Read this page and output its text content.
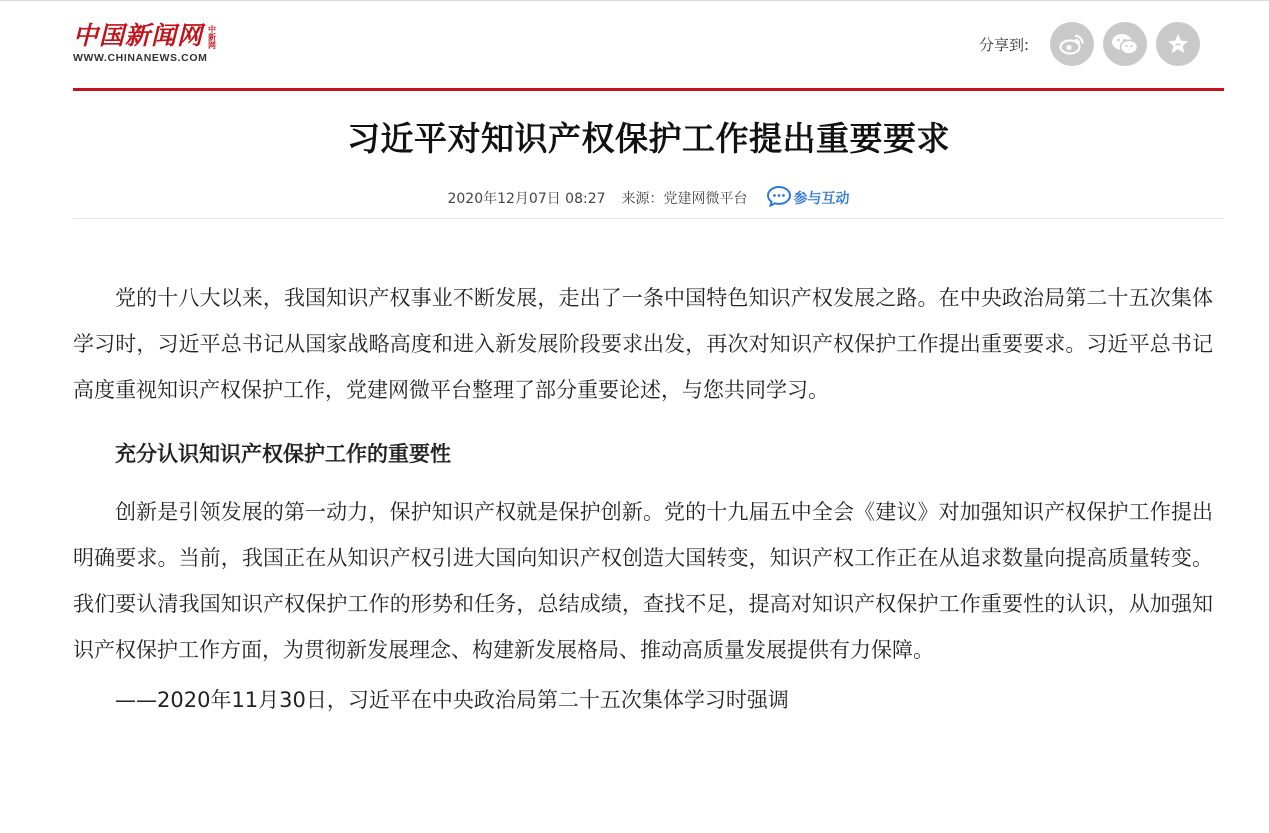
中国新闻网 中新网
WWW.CHINANEWS.COM
分享到:
习近平对知识产权保护工作提出重要要求
2020年12月07日 08:27 来源：党建网微平台	参与互动

党的十八大以来，我国知识产权事业不断发展，走出了一条中国特色知识产权发展之路。在中央政治局第二十五次集体学习时，习近平总书记从国家战略高度和进入新发展阶段要求出发，再次对知识产权保护工作提出重要要求。习近平总书记高度重视知识产权保护工作，党建网微平台整理了部分重要论述，与您共同学习。

充分认识知识产权保护工作的重要性

创新是引领发展的第一动力，保护知识产权就是保护创新。党的十九届五中全会《建议》对加强知识产权保护工作提出明确要求。当前，我国正在从知识产权引进大国向知识产权创造大国转变，知识产权工作正在从追求数量向提高质量转变。我们要认清我国知识产权保护工作的形势和任务，总结成绩，查找不足，提高对知识产权保护工作重要性的认识，从加强知识产权保护工作方面，为贯彻新发展理念、构建新发展格局、推动高质量发展提供有力保障。

——2020年11月30日，习近平在中央政治局第二十五次集体学习时强调
